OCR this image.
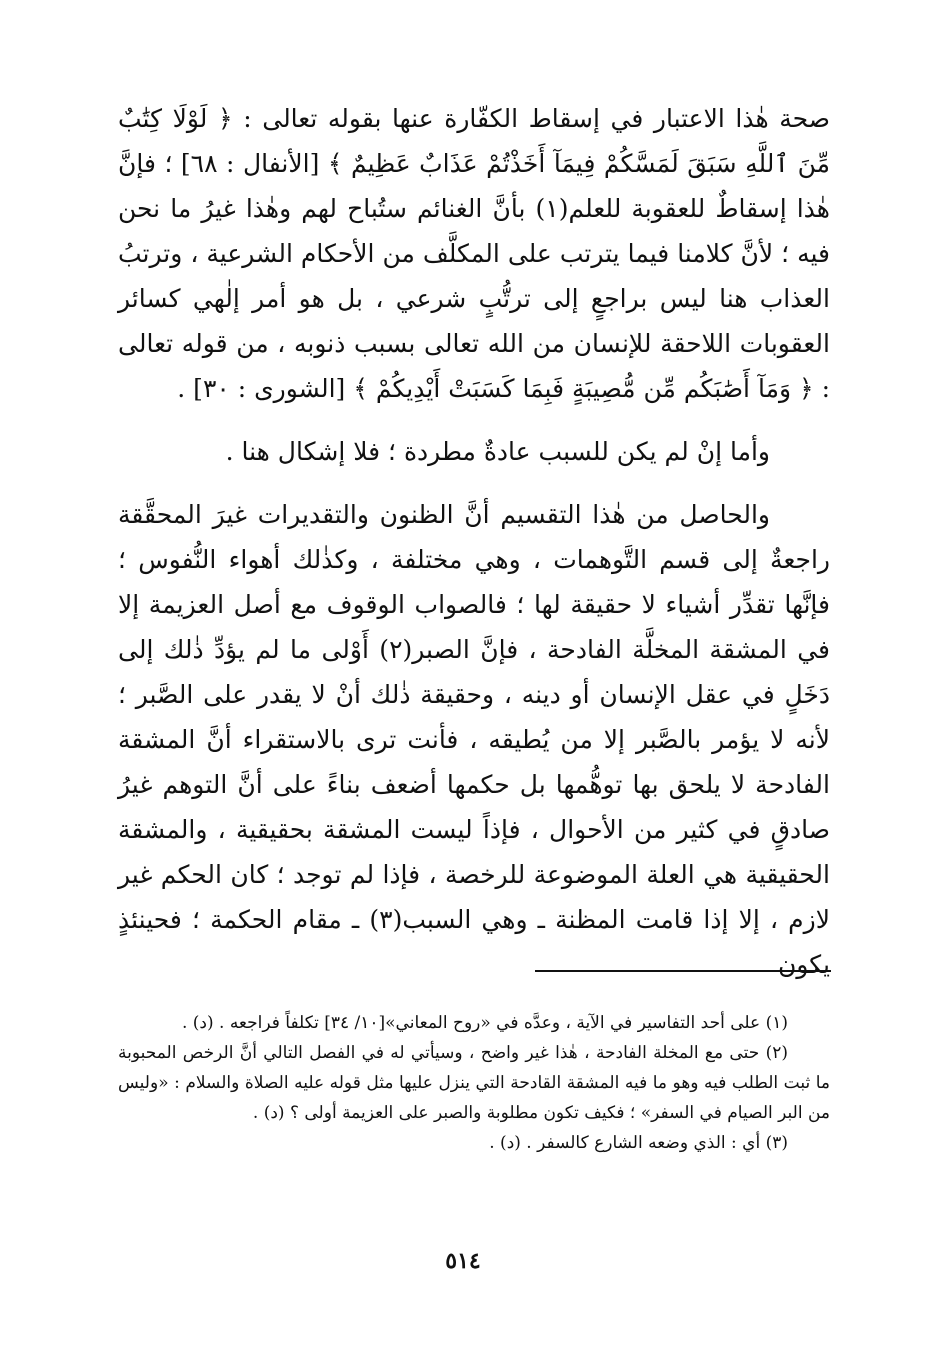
صحة هٰذا الاعتبار في إسقاط الكفّارة عنها بقوله تعالى : ﴿ لَوْلَا كِتَٰبٌ مِّنَ ٱللَّهِ سَبَقَ لَمَسَّكُمْ فِيمَآ أَخَذْتُمْ عَذَابٌ عَظِيمٌ ﴾ [الأنفال : ٦٨] ؛ فإنَّ هٰذا إسقاطٌ للعقوبة للعلم(١) بأنَّ الغنائم ستُباح لهم وهٰذا غيرُ ما نحن فيه ؛ لأنَّ كلامنا فيما يترتب على المكلَّف من الأحكام الشرعية ، وترتبُ العذاب هنا ليس براجعٍ إلى ترتُّبٍ شرعي ، بل هو أمر إلٰهي كسائر العقوبات اللاحقة للإنسان من الله تعالى بسبب ذنوبه ، من قوله تعالى : ﴿ وَمَآ أَصَٰبَكُم مِّن مُّصِيبَةٍ فَبِمَا كَسَبَتْ أَيْدِيكُمْ ﴾ [الشورى : ٣٠] .

وأما إنْ لم يكن للسبب عادةٌ مطردة ؛ فلا إشكال هنا .

والحاصل من هٰذا التقسيم أنَّ الظنون والتقديرات غيرَ المحقَّقة راجعةٌ إلى قسم التَّوهمات ، وهي مختلفة ، وكذٰلك أهواء النُّفوس ؛ فإنَّها تقدِّر أشياء لا حقيقة لها ؛ فالصواب الوقوف مع أصل العزيمة إلا في المشقة المخلَّة الفادحة ، فإنَّ الصبر(٢) أَوْلى ما لم يؤدِّ ذٰلك إلى دَخَلٍ في عقل الإنسان أو دينه ، وحقيقة ذٰلك أنْ لا يقدر على الصَّبر ؛ لأنه لا يؤمر بالصَّبر إلا من يُطيقه ، فأنت ترى بالاستقراء أنَّ المشقة الفادحة لا يلحق بها توهُّمها بل حكمها أضعف بناءً على أنَّ التوهم غيرُ صادقٍ في كثير من الأحوال ، فإذاً ليست المشقة بحقيقية ، والمشقة الحقيقية هي العلة الموضوعة للرخصة ، فإذا لم توجد ؛ كان الحكم غير لازم ، إلا إذا قامت المظنة ـ وهي السبب(٣) ـ مقام الحكمة ؛ فحينئذٍ يكون

(١) على أحد التفاسير في الآية ، وعدَّه في «روح المعاني»[١٠/ ٣٤] تكلفاً فراجعه . (د) .

(٢) حتى مع المخلة الفادحة ، هٰذا غير واضح ، وسيأتي له في الفصل التالي أنَّ الرخص المحبوبة ما ثبت الطلب فيه وهو ما فيه المشقة القادحة التي ينزل عليها مثل قوله عليه الصلاة والسلام : «وليس من البر الصيام في السفر» ؛ فكيف تكون مطلوبة والصبر على العزيمة أولى ؟ (د) .

(٣) أي : الذي وضعه الشارع كالسفر . (د) .

٥١٤
